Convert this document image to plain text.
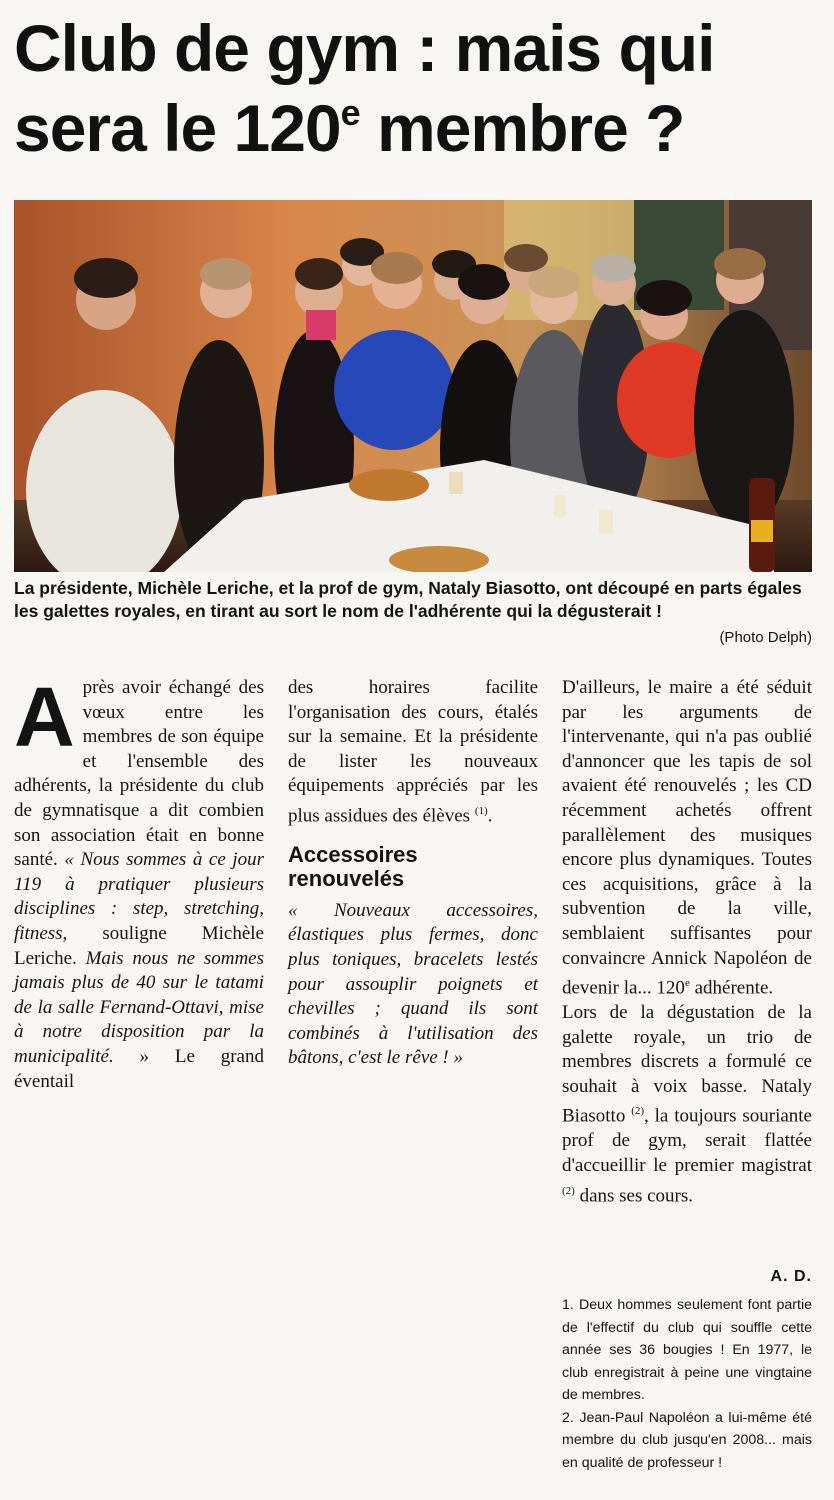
Club de gym : mais qui sera le 120e membre ?

La présidente, Michèle Leriche, et la prof de gym, Nataly Biasotto, ont découpé en parts égales les galettes royales, en tirant au sort le nom de l'adhérente qui la dégusterait !

(Photo Delph)

Après avoir échangé des vœux entre les membres de son équipe et l'ensemble des adhérents, la présidente du club de gymnatisque a dit combien son association était en bonne santé. « Nous sommes à ce jour 119 à pratiquer plusieurs disciplines : step, stretching, fitness, souligne Michèle Leriche. Mais nous ne sommes jamais plus de 40 sur le tatami de la salle Fernand-Ottavi, mise à notre disposition par la municipalité. » Le grand éventail

des horaires facilite l'organisation des cours, étalés sur la semaine. Et la présidente de lister les nouveaux équipements appréciés par les plus assidues des élèves $^{(1)}$.

Accessoires renouvelés

« Nouveaux accessoires, élastiques plus fermes, donc plus toniques, bracelets lestés pour assouplir poignets et chevilles ; quand ils sont combinés à l'utilisation des bâtons, c'est le rêve ! »

D'ailleurs, le maire a été séduit par les arguments de l'intervenante, qui n'a pas oublié d'annoncer que les tapis de sol avaient été renouvelés ; les CD récemment achetés offrent parallèlement des musiques encore plus dynamiques. Toutes ces acquisitions, grâce à la subvention de la ville, semblaient suffisantes pour convaincre Annick Napoléon de devenir la... 120e adhérente.

Lors de la dégustation de la galette royale, un trio de membres discrets a formulé ce souhait à voix basse. Nataly Biasotto $^{(2)}$, la toujours souriante prof de gym, serait flattée d'accueillir le premier magistrat $^{(2)}$ dans ses cours.

A. D.

1. Deux hommes seulement font partie de l'effectif du club qui souffle cette année ses 36 bougies ! En 1977, le club enregistrait à peine une vingtaine de membres.

2. Jean-Paul Napoléon a lui-même été membre du club jusqu'en 2008... mais en qualité de professeur !
